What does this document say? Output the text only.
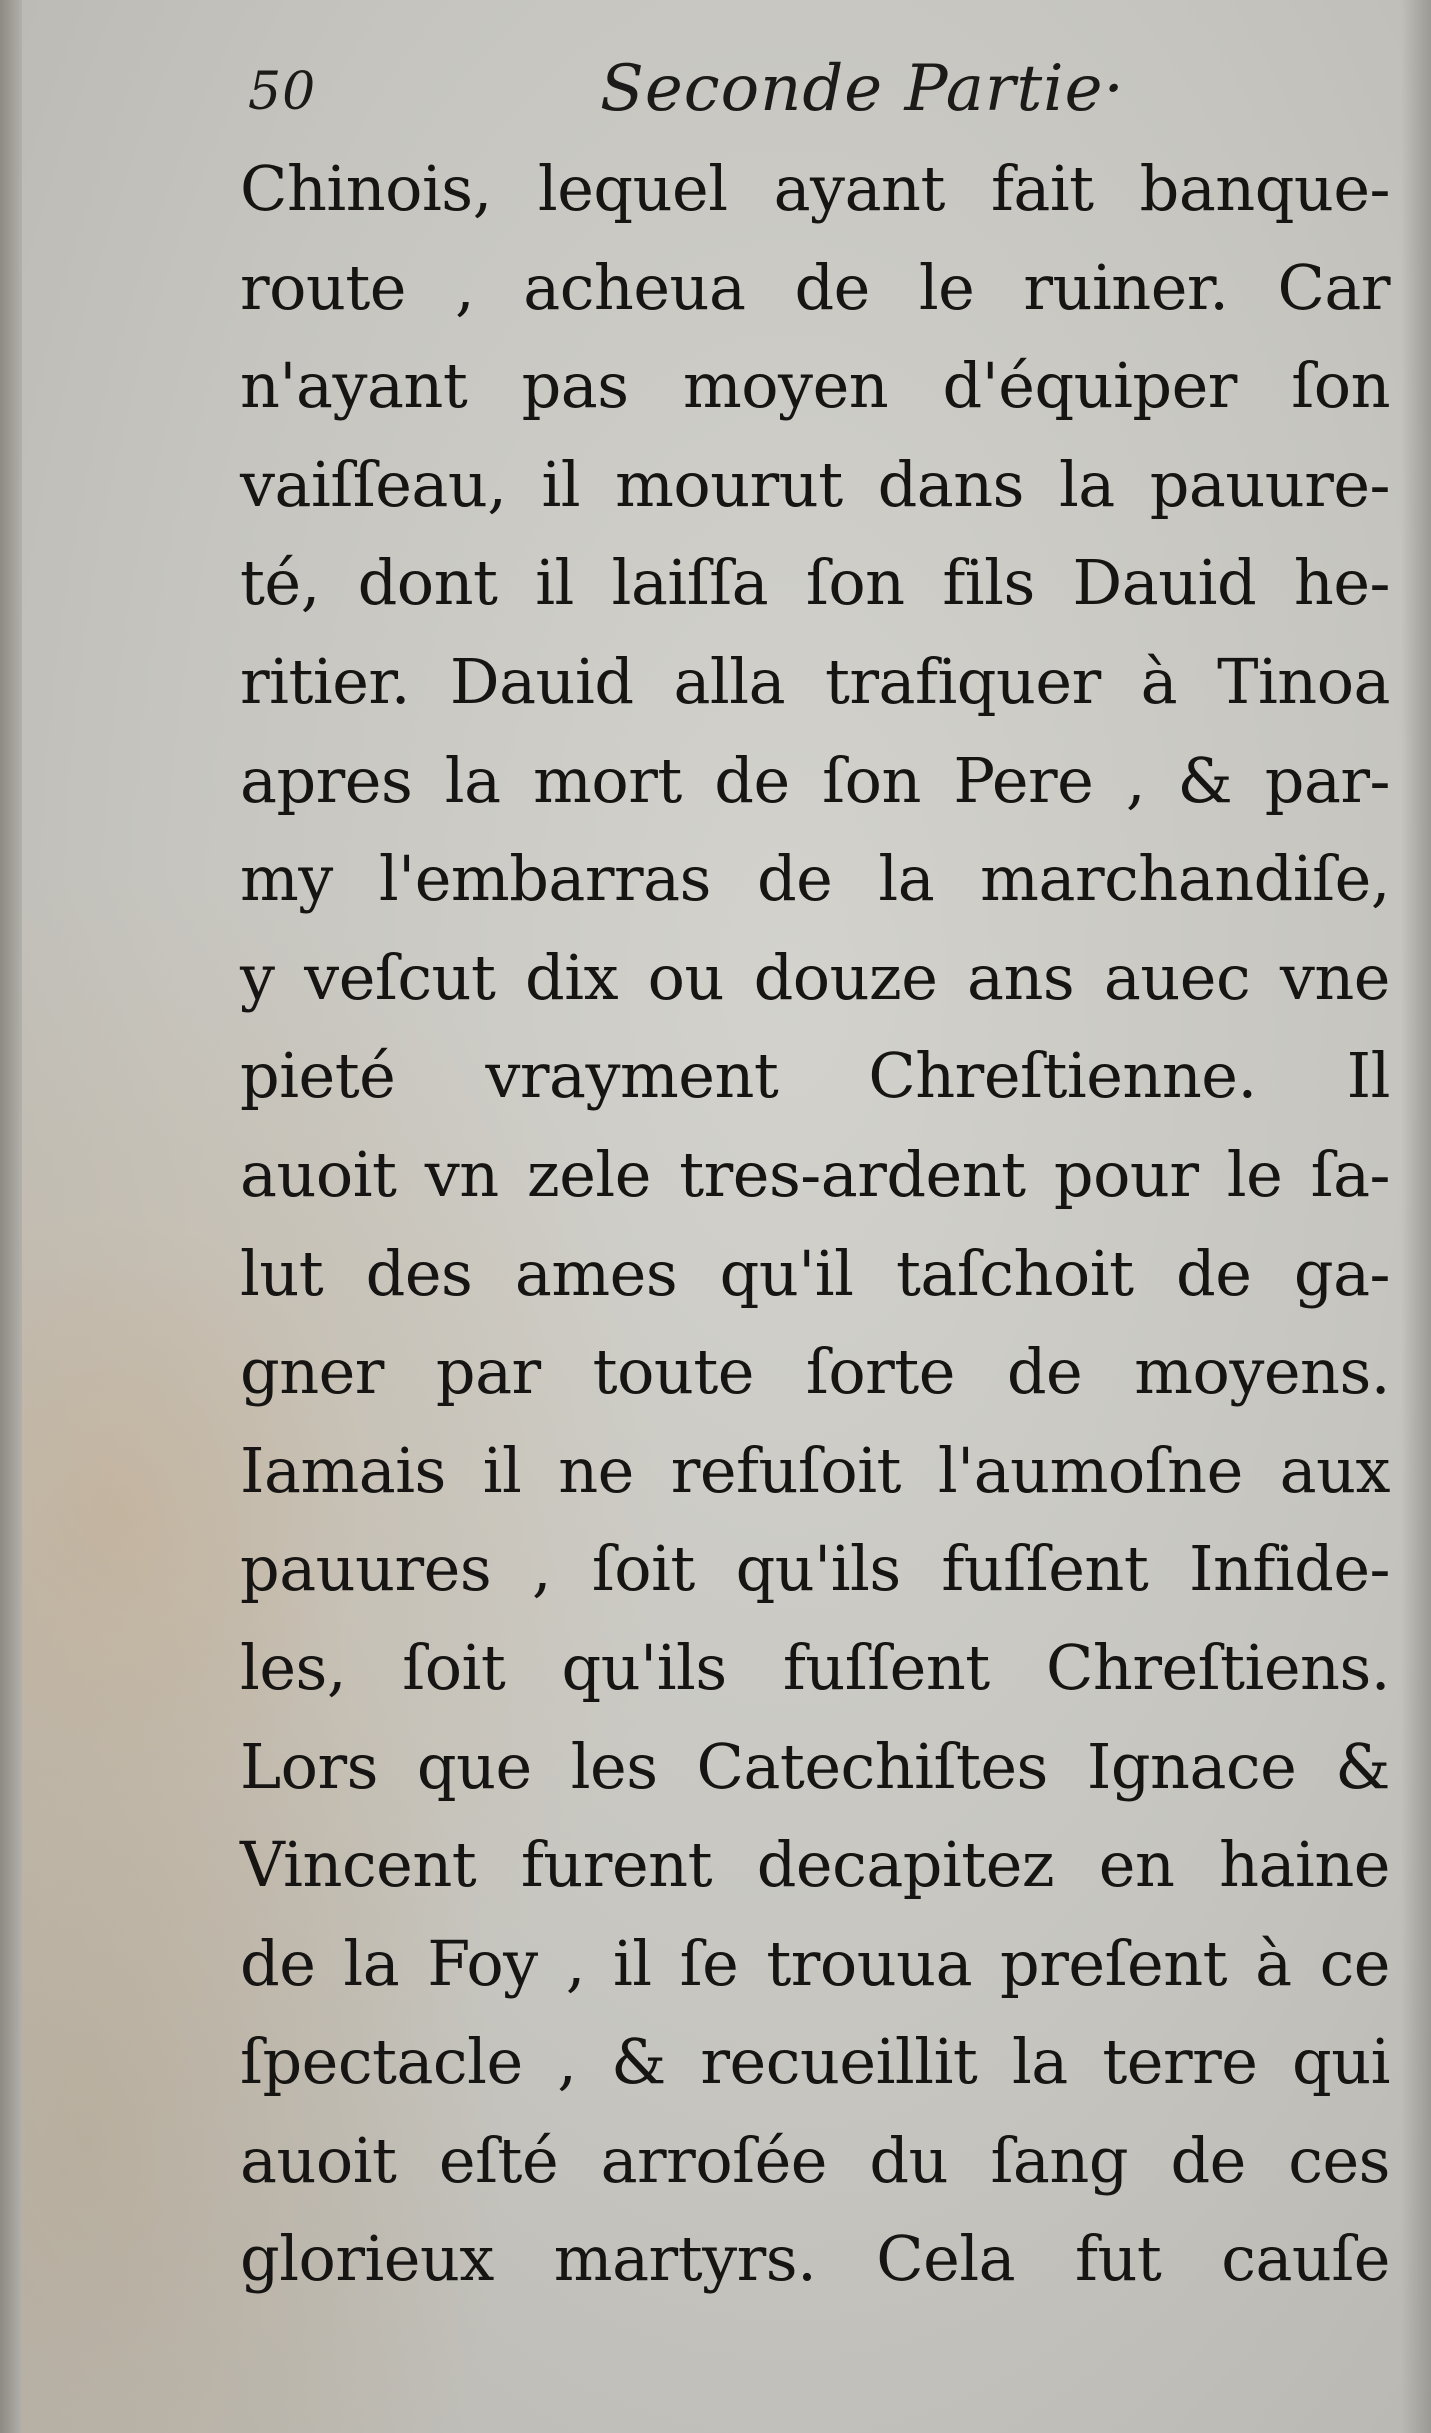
50	Seconde Partie·
Chinois, lequel ayant fait banque-
route , acheua de le ruiner. Car
n'ayant pas moyen d'équiper ſon
vaiſſeau, il mourut dans la pauure-
té, dont il laiſſa ſon fils Dauid he-
ritier. Dauid alla trafiquer à Tinoa
apres la mort de ſon Pere , & par-
my l'embarras de la marchandiſe,
y veſcut dix ou douze ans auec vne
pieté vrayment Chreſtienne. Il
auoit vn zele tres-ardent pour le ſa-
lut des ames qu'il taſchoit de ga-
gner par toute ſorte de moyens.
Iamais il ne refuſoit l'aumoſne aux
pauures , ſoit qu'ils fuſſent Infide-
les, ſoit qu'ils fuſſent Chreſtiens.
Lors que les Catechiſtes Ignace &
Vincent furent decapitez en haine
de la Foy , il ſe trouua preſent à ce
ſpectacle , & recueillit la terre qui
auoit eſté arroſée du ſang de ces
glorieux martyrs. Cela fut cauſe
